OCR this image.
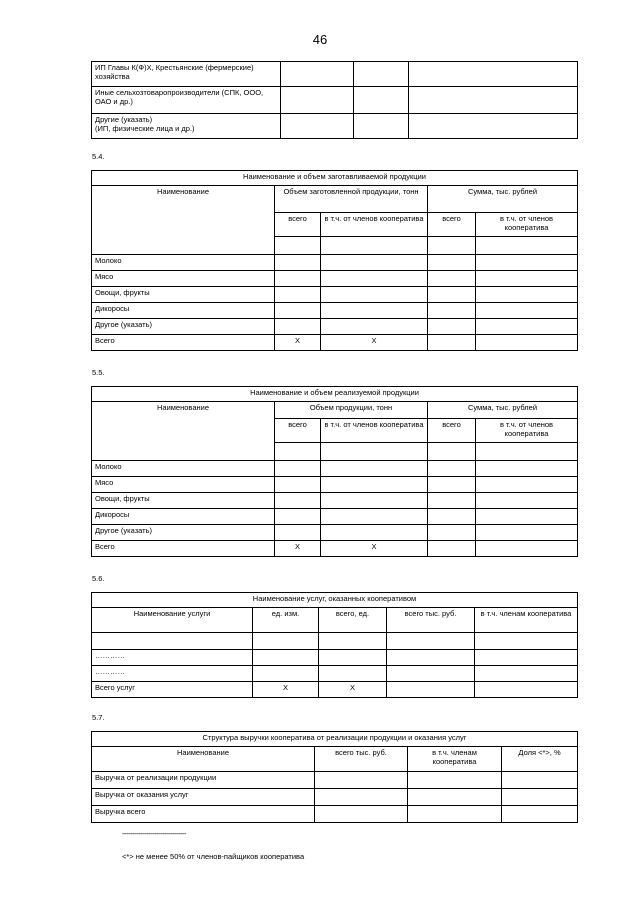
46
ИП Главы К(Ф)Х, Крестьянские (фермерские) хозяйства			
Иные сельхозтоваропроизводители (СПК, ООО, ОАО и др.)			
Другие (указать)
(ИП, физические лица и др.)			
5.4.
Наименование и объем заготавливаемой продукции				
Наименование	Объем заготовленной продукции, тонн		Сумма, тыс. рублей	
	всего	в т.ч. от членов кооператива	всего	в т.ч. от членов кооператива

Молоко				
Мясо				
Овощи, фрукты				
Дикоросы				
Другое (указать)				
Всего	X	X		
5.5.
Наименование и объем реализуемой продукции				
Наименование	Объем продукции, тонн		Сумма, тыс. рублей	
	всего	в т.ч. от членов кооператива	всего	в т.ч. от членов кооператива

Молоко				
Мясо				
Овощи, фрукты				
Дикоросы				
Другое (указать)				
Всего	X	X		
5.6.
Наименование услуг, оказанных кооперативом				
Наименование услуги	ед. изм.	всего, ед.	всего тыс. руб.	в т.ч. членам кооператива

…………				
…………				
Всего услуг	X	X		
5.7.
Структура выручки кооператива от реализации продукции и оказания услуг			
Наименование	всего тыс. руб.	в т.ч. членам кооператива	Доля <*>, %
Выручка от реализации продукции			
Выручка от оказания услуг			
Выручка всего			
--------------------------------
<*> не менее 50% от членов-пайщиков кооператива
